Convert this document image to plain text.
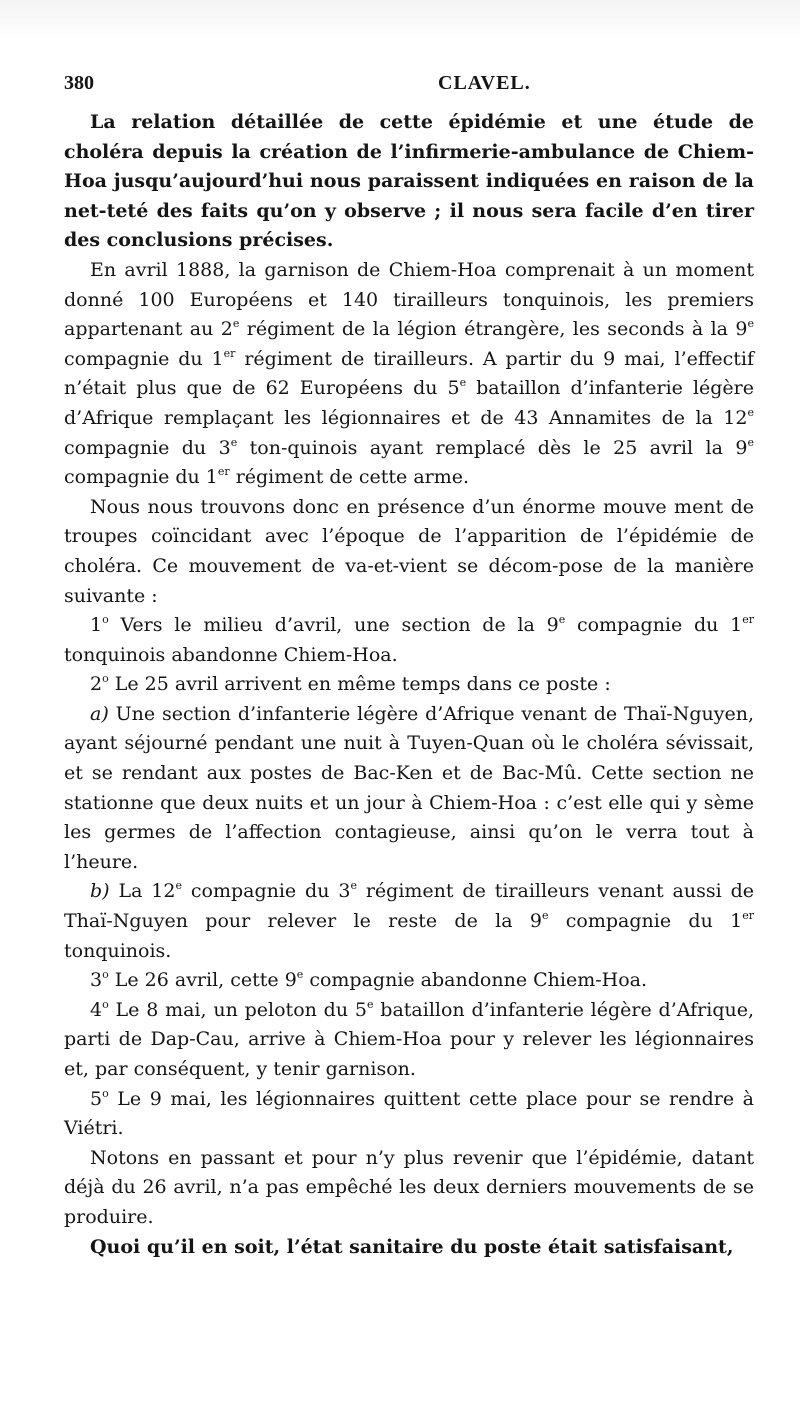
380	CLAVEL.

La relation détaillée de cette épidémie et une étude de choléra depuis la création de l’infirmerie-ambulance de Chiem-Hoa jusqu’aujourd’hui nous paraissent indiquées en raison de la net-teté des faits qu’on y observe ; il nous sera facile d’en tirer des conclusions précises.

En avril 1888, la garnison de Chiem-Hoa comprenait à un moment donné 100 Européens et 140 tirailleurs tonquinois, les premiers appartenant au 2e régiment de la légion étrangère, les seconds à la 9e compagnie du 1er régiment de tirailleurs. A partir du 9 mai, l’effectif n’était plus que de 62 Européens du 5e bataillon d’infanterie légère d’Afrique remplaçant les légionnaires et de 43 Annamites de la 12e compagnie du 3e ton-quinois ayant remplacé dès le 25 avril la 9e compagnie du 1er régiment de cette arme.

Nous nous trouvons donc en présence d’un énorme mouve ment de troupes coïncidant avec l’époque de l’apparition de l’épidémie de choléra. Ce mouvement de va-et-vient se décom-pose de la manière suivante :

1$^o$ Vers le milieu d’avril, une section de la 9e compagnie du 1er tonquinois abandonne Chiem-Hoa.

2$^o$ Le 25 avril arrivent en même temps dans ce poste :

a) Une section d’infanterie légère d’Afrique venant de Thaï-Nguyen, ayant séjourné pendant une nuit à Tuyen-Quan où le choléra sévissait, et se rendant aux postes de Bac-Ken et de Bac-Mû. Cette section ne stationne que deux nuits et un jour à Chiem-Hoa : c’est elle qui y sème les germes de l’affection contagieuse, ainsi qu’on le verra tout à l’heure.

b) La 12e compagnie du 3e régiment de tirailleurs venant aussi de Thaï-Nguyen pour relever le reste de la 9e compagnie du 1er tonquinois.

3$^o$ Le 26 avril, cette 9e compagnie abandonne Chiem-Hoa.

4$^o$ Le 8 mai, un peloton du 5e bataillon d’infanterie légère d’Afrique, parti de Dap-Cau, arrive à Chiem-Hoa pour y relever les légionnaires et, par conséquent, y tenir garnison.

5$^o$ Le 9 mai, les légionnaires quittent cette place pour se rendre à Viétri.

Notons en passant et pour n’y plus revenir que l’épidémie, datant déjà du 26 avril, n’a pas empêché les deux derniers mouvements de se produire.

Quoi qu’il en soit, l’état sanitaire du poste était satisfaisant,
